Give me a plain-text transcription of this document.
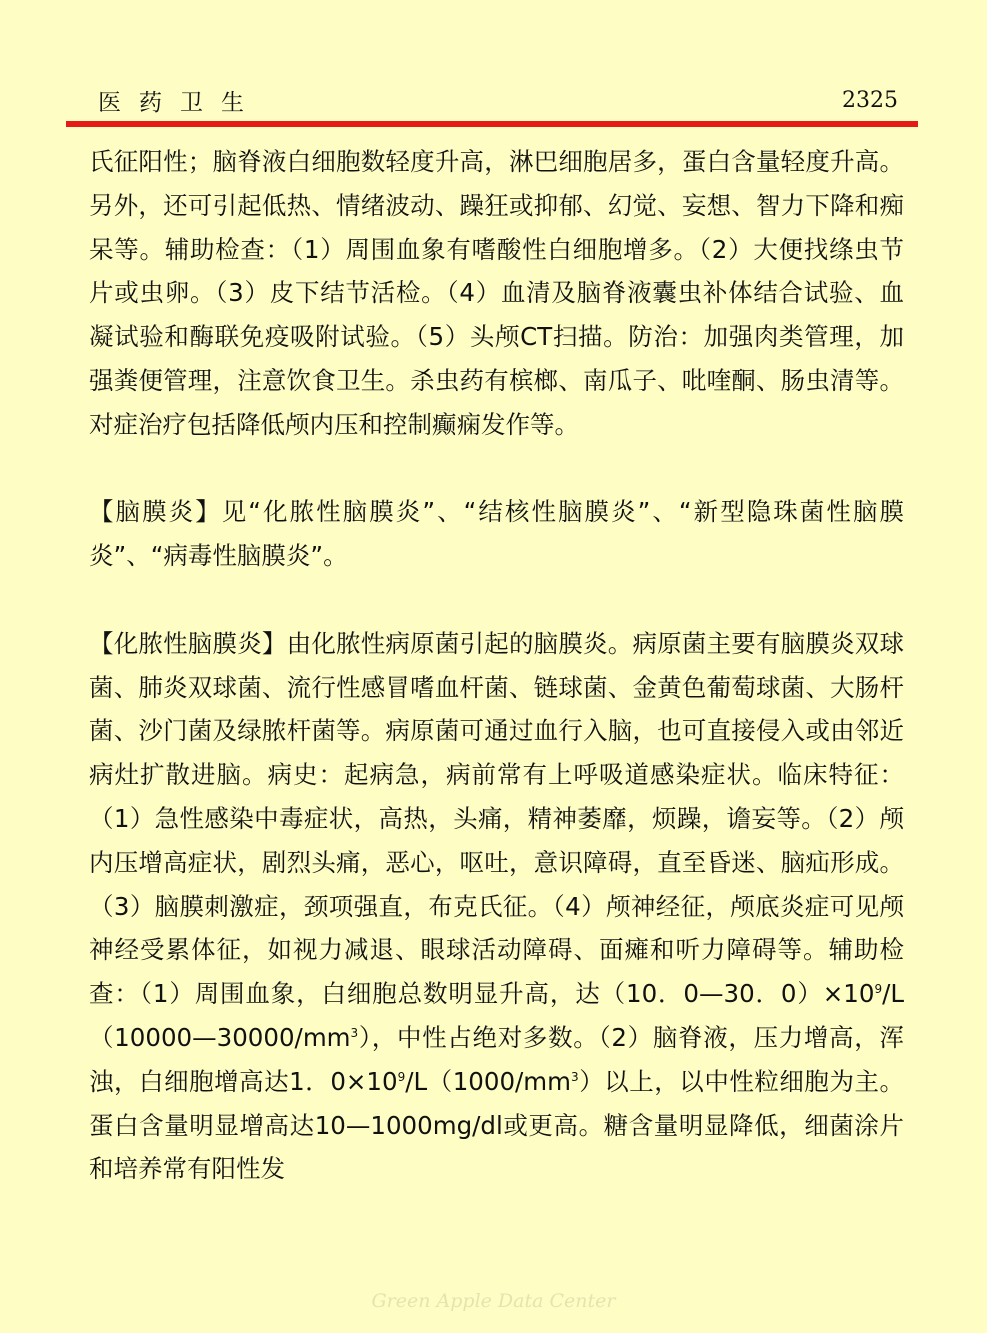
医药卫生	2325

氏征阳性；脑脊液白细胞数轻度升高，淋巴细胞居多，蛋白含量轻度升高。另外，还可引起低热、情绪波动、躁狂或抑郁、幻觉、妄想、智力下降和痴呆等。辅助检查：（1）周围血象有嗜酸性白细胞增多。（2）大便找绦虫节片或虫卵。（3）皮下结节活检。（4）血清及脑脊液囊虫补体结合试验、血凝试验和酶联免疫吸附试验。（5）头颅CT扫描。防治：加强肉类管理，加强粪便管理，注意饮食卫生。杀虫药有槟榔、南瓜子、吡喹酮、肠虫清等。对症治疗包括降低颅内压和控制癫痫发作等。

【脑膜炎】见“化脓性脑膜炎”、“结核性脑膜炎”、“新型隐珠菌性脑膜炎”、“病毒性脑膜炎”。

【化脓性脑膜炎】由化脓性病原菌引起的脑膜炎。病原菌主要有脑膜炎双球菌、肺炎双球菌、流行性感冒嗜血杆菌、链球菌、金黄色葡萄球菌、大肠杆菌、沙门菌及绿脓杆菌等。病原菌可通过血行入脑，也可直接侵入或由邻近病灶扩散进脑。病史：起病急，病前常有上呼吸道感染症状。临床特征：（1）急性感染中毒症状，高热，头痛，精神萎靡，烦躁，谵妄等。（2）颅内压增高症状，剧烈头痛，恶心，呕吐，意识障碍，直至昏迷、脑疝形成。（3）脑膜刺激症，颈项强直，布克氏征。（4）颅神经征，颅底炎症可见颅神经受累体征，如视力减退、眼球活动障碍、面瘫和听力障碍等。辅助检查：（1）周围血象，白细胞总数明显升高，达（10．0—30．$0)\times 10^9/L(10000—30000/mm^3)$，中性占绝对多数。（2）脑脊液，压力增高，浑浊，白细胞增高达1．$0\times 10^9/L(1000/mm^3)$以上，以中性粒细胞为主。蛋白含量明显增高达10—1000mg/dl或更高。糖含量明显降低，细菌涂片和培养常有阳性发

Green Apple Data Center
